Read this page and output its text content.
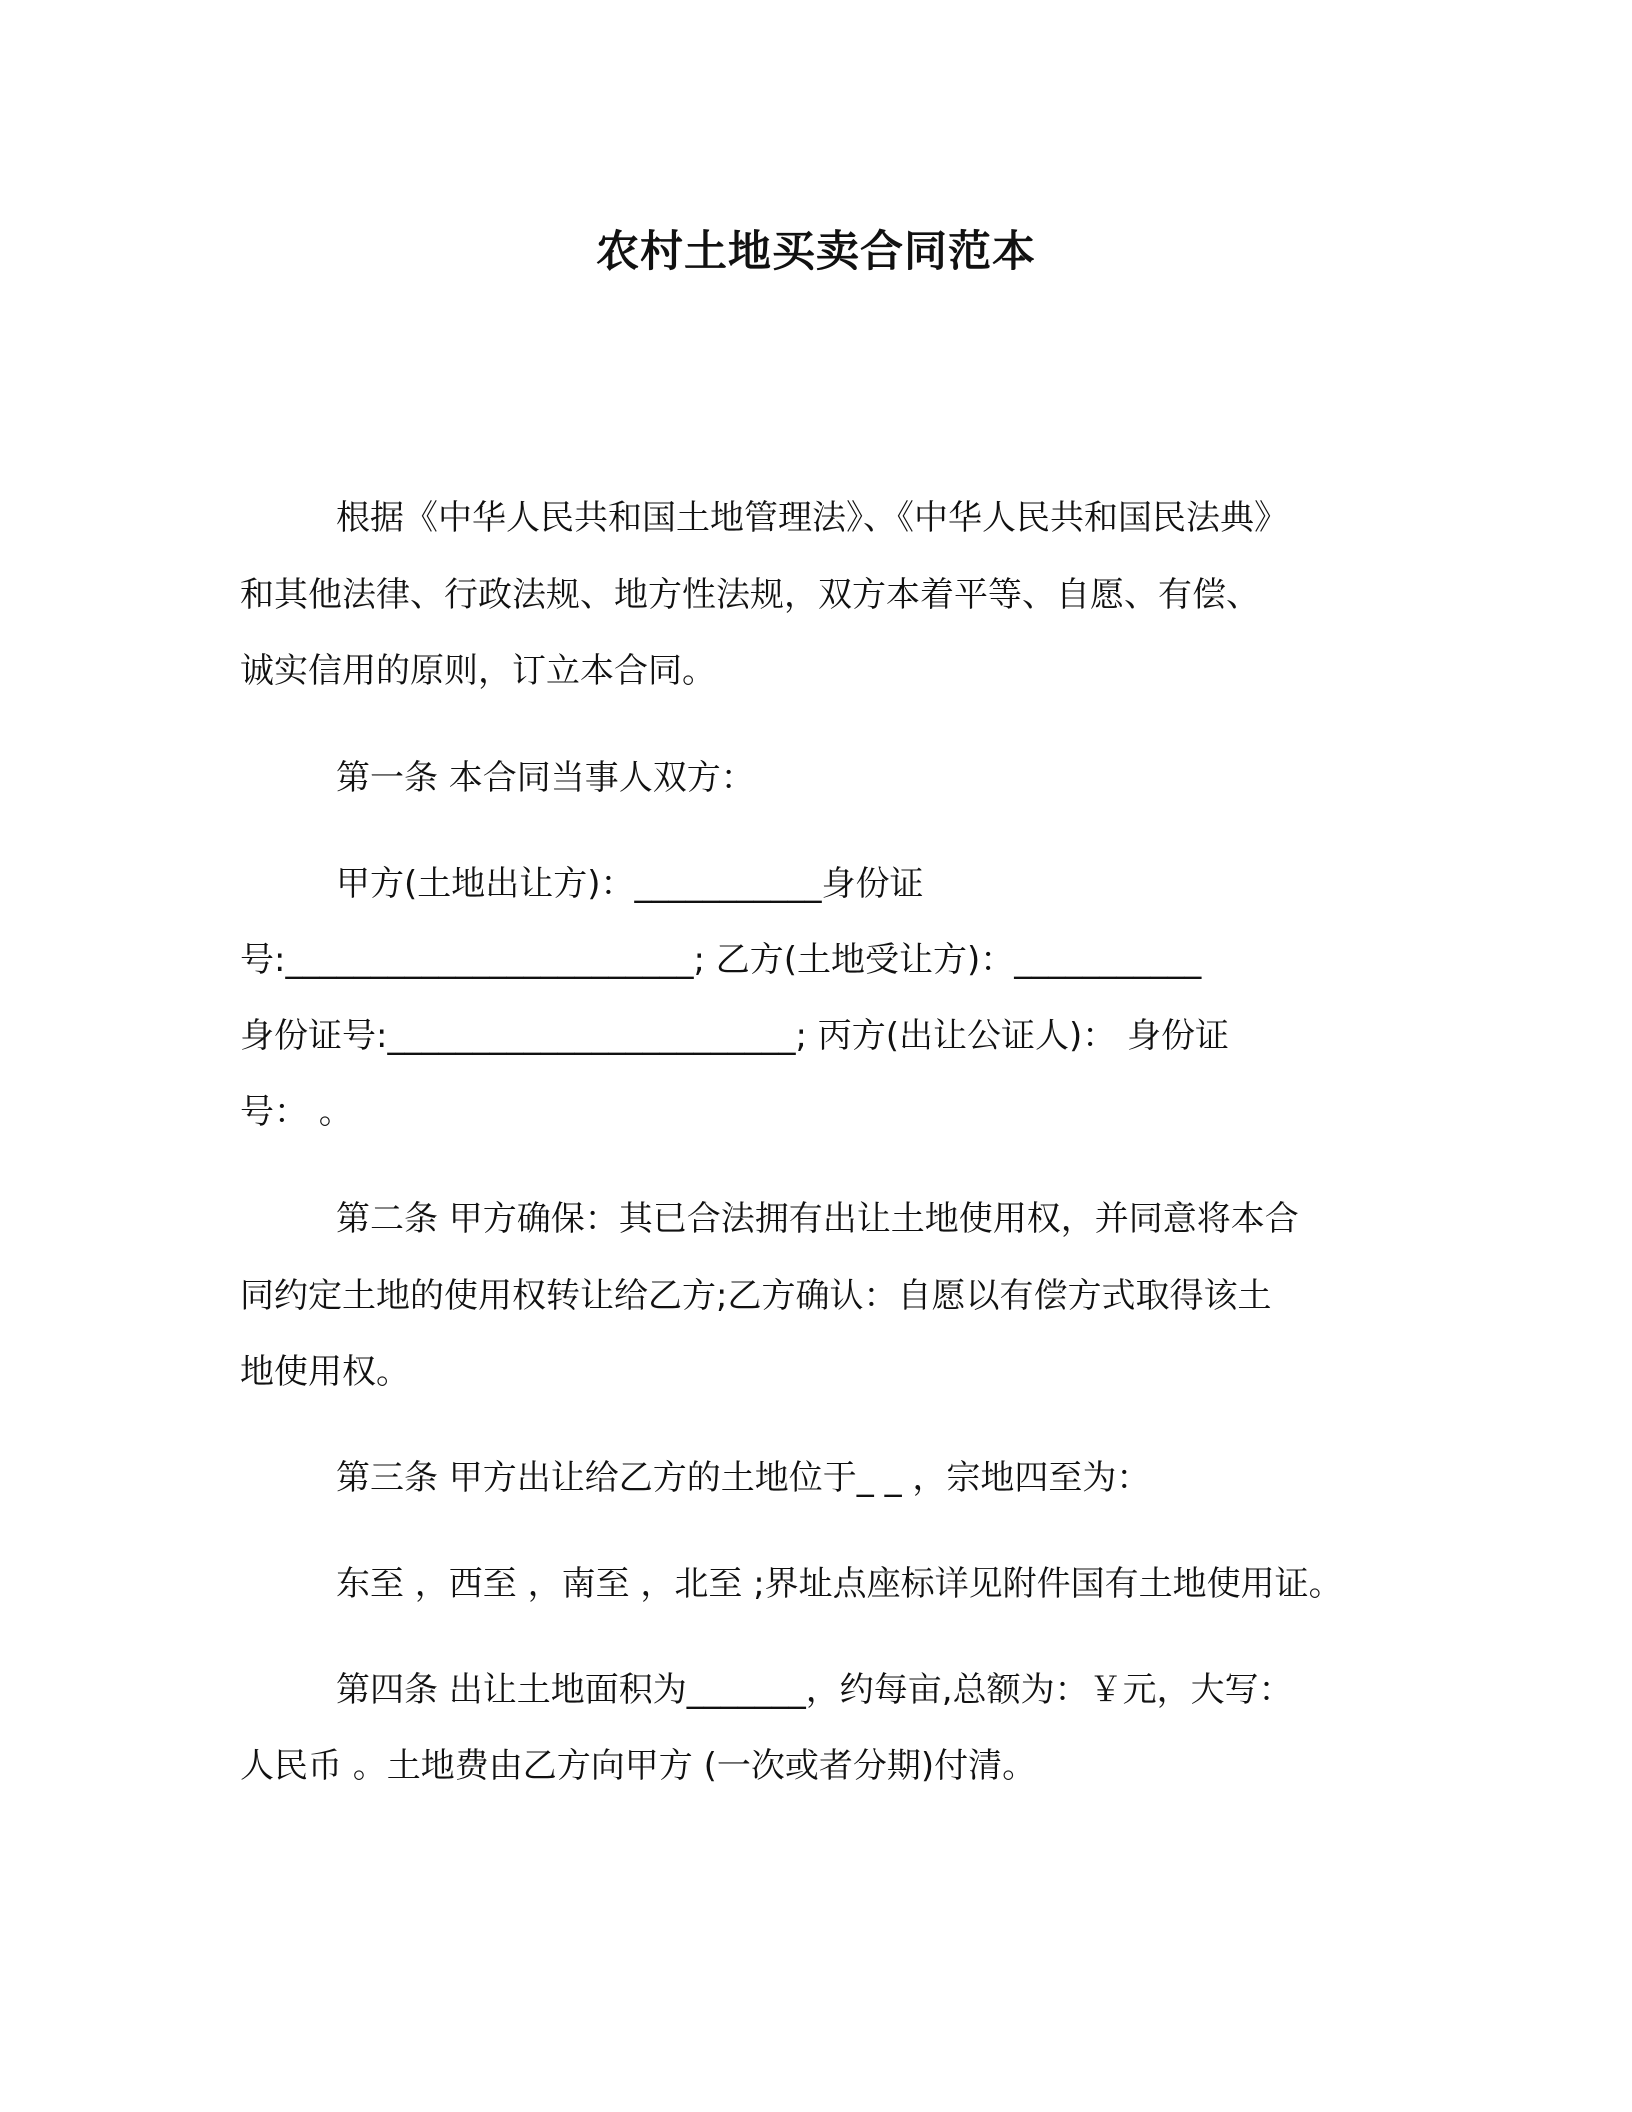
农村土地买卖合同范本
根据《中华人民共和国土地管理法》、《中华人民共和国民法典》
和其他法律、行政法规、地方性法规，双方本着平等、自愿、有偿、
诚实信用的原则，订立本合同。
第一条 本合同当事人双方：
甲方(土地出让方)：___________身份证
号:________________________; 乙方(土地受让方)：___________
身份证号:________________________; 丙方(出让公证人)： 身份证
号： 。
第二条 甲方确保：其已合法拥有出让土地使用权，并同意将本合
同约定土地的使用权转让给乙方;乙方确认：自愿以有偿方式取得该土
地使用权。
第三条 甲方出让给乙方的土地位于_ _ ，宗地四至为：
东至 ，西至 ，南至 ，北至 ;界址点座标详见附件国有土地使用证。
第四条 出让土地面积为_______，约每亩,总额为：￥元，大写：
人民币 。土地费由乙方向甲方 (一次或者分期)付清。
